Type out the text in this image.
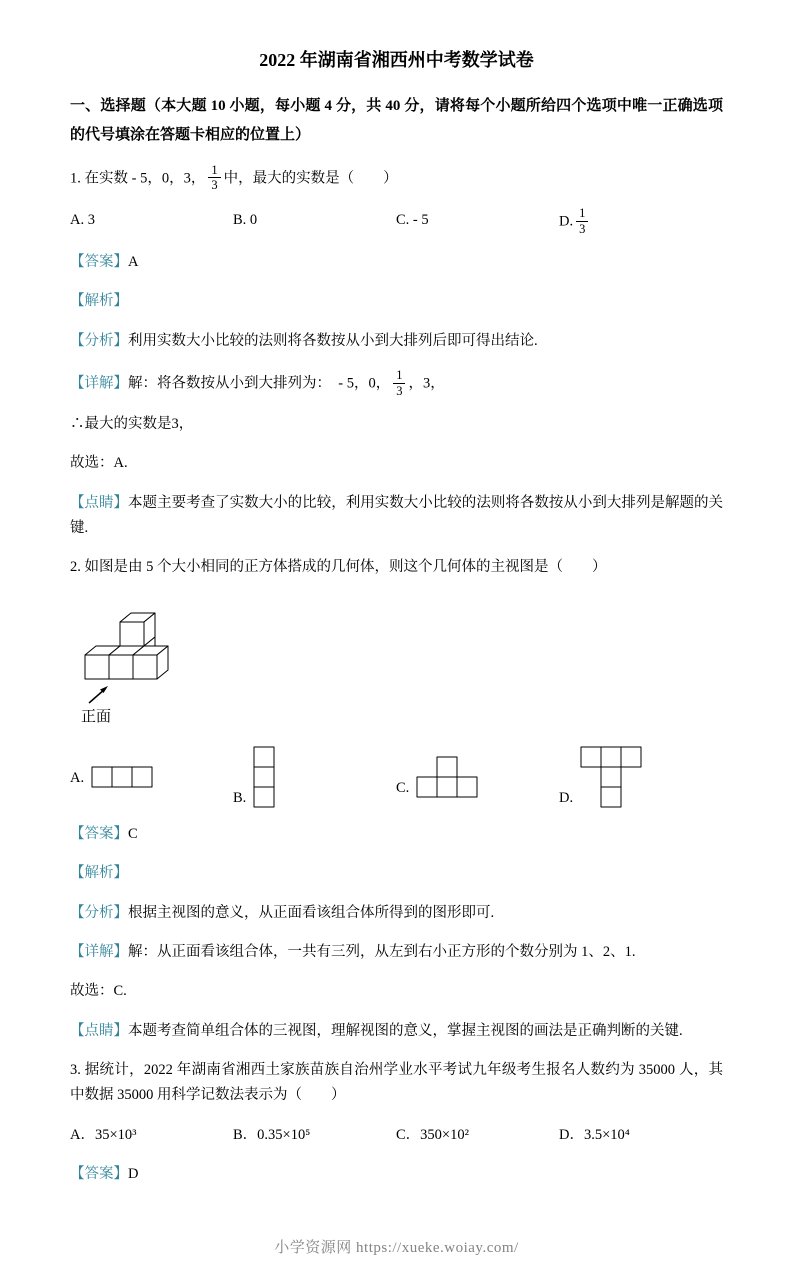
2022 年湖南省湘西州中考数学试卷

一、选择题（本大题 10 小题，每小题 4 分，共 40 分，请将每个小题所给四个选项中唯一正确选项的代号填涂在答题卡相应的位置上）

1. 在实数 - 5，0，3， $\frac{1}{3}$ 中，最大的实数是（　　）

A. 3	B. 0	C. - 5	D. $\frac{1}{3}$

【答案】A

【解析】

【分析】利用实数大小比较的法则将各数按从小到大排列后即可得出结论.

【详解】解：将各数按从小到大排列为：　- 5，0， $\frac{1}{3}$ ，3，

∴最大的实数是3，

故选：A.

【点睛】本题主要考查了实数大小的比较，利用实数大小比较的法则将各数按从小到大排列是解题的关键.

2. 如图是由 5 个大小相同的正方体搭成的几何体，则这个几何体的主视图是（　　）

正面
A.
B.
C.
D.

【答案】C

【解析】

【分析】根据主视图的意义，从正面看该组合体所得到的图形即可.

【详解】解：从正面看该组合体，一共有三列，从左到右小正方形的个数分别为 1、2、1.

故选：C.

【点睛】本题考查简单组合体的三视图，理解视图的意义，掌握主视图的画法是正确判断的关键.

3. 据统计，2022 年湖南省湘西土家族苗族自治州学业水平考试九年级考生报名人数约为 35000 人，其中数据 35000 用科学记数法表示为（　　）

A．35×10³	B．0.35×10⁵	C．350×10²	D．3.5×10⁴

【答案】D

小学资源网 https://xueke.woiay.com/
